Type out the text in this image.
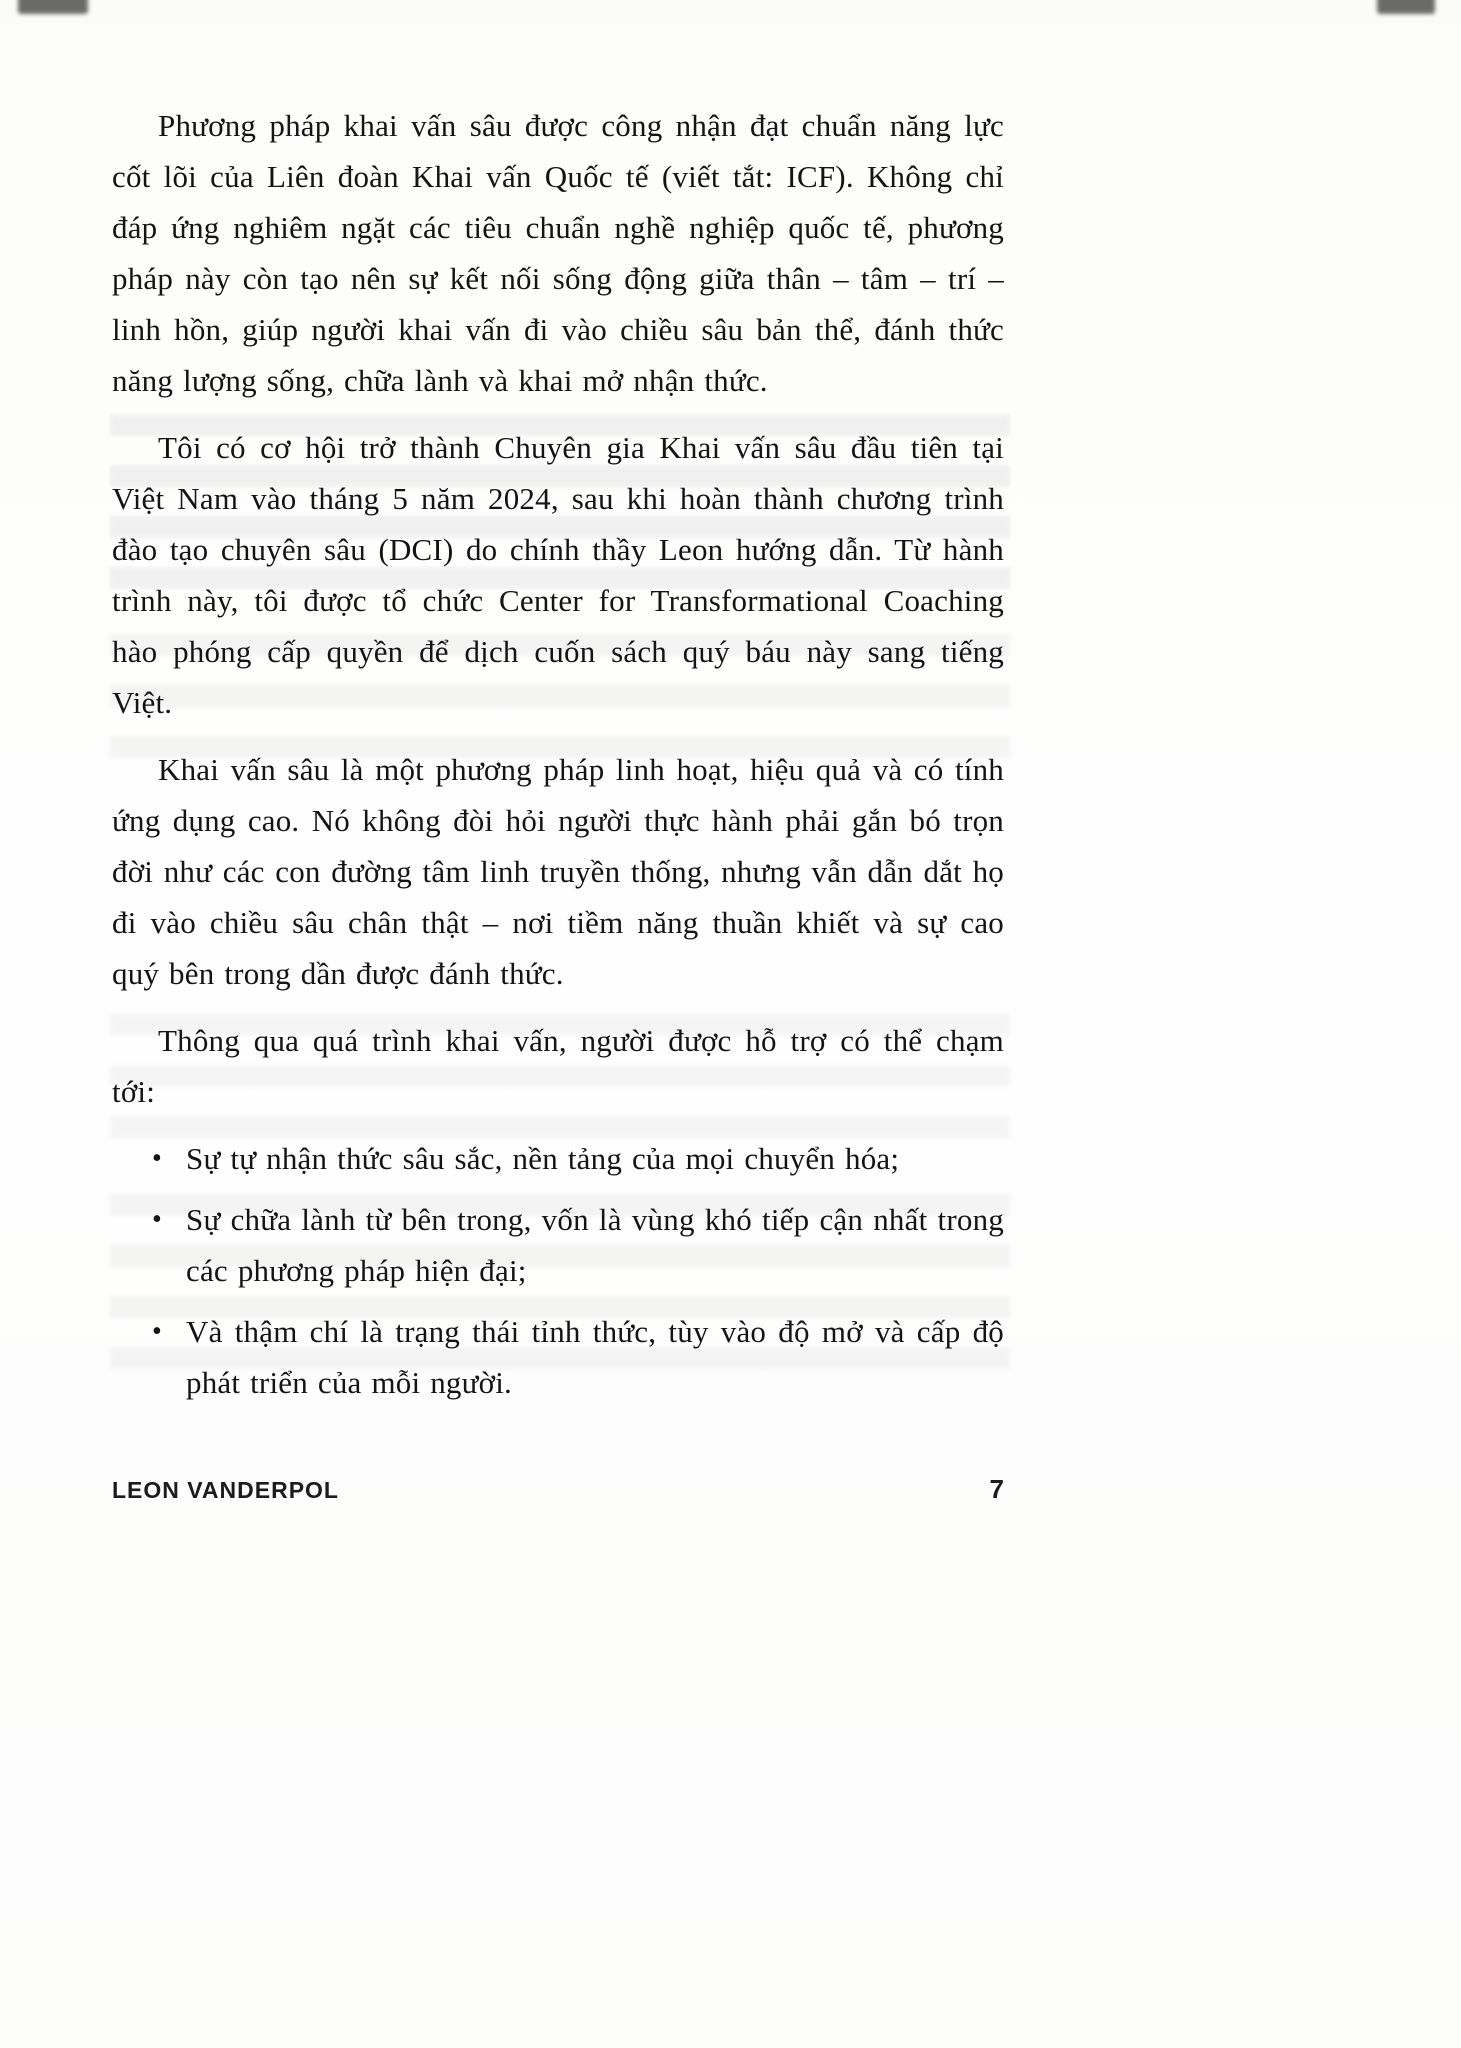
Phương pháp khai vấn sâu được công nhận đạt chuẩn năng lực cốt lõi của Liên đoàn Khai vấn Quốc tế (viết tắt: ICF). Không chỉ đáp ứng nghiêm ngặt các tiêu chuẩn nghề nghiệp quốc tế, phương pháp này còn tạo nên sự kết nối sống động giữa thân – tâm – trí – linh hồn, giúp người khai vấn đi vào chiều sâu bản thể, đánh thức năng lượng sống, chữa lành và khai mở nhận thức.

Tôi có cơ hội trở thành Chuyên gia Khai vấn sâu đầu tiên tại Việt Nam vào tháng 5 năm 2024, sau khi hoàn thành chương trình đào tạo chuyên sâu (DCI) do chính thầy Leon hướng dẫn. Từ hành trình này, tôi được tổ chức Center for Transformational Coaching hào phóng cấp quyền để dịch cuốn sách quý báu này sang tiếng Việt.

Khai vấn sâu là một phương pháp linh hoạt, hiệu quả và có tính ứng dụng cao. Nó không đòi hỏi người thực hành phải gắn bó trọn đời như các con đường tâm linh truyền thống, nhưng vẫn dẫn dắt họ đi vào chiều sâu chân thật – nơi tiềm năng thuần khiết và sự cao quý bên trong dần được đánh thức.

Thông qua quá trình khai vấn, người được hỗ trợ có thể chạm tới:

• Sự tự nhận thức sâu sắc, nền tảng của mọi chuyển hóa;
• Sự chữa lành từ bên trong, vốn là vùng khó tiếp cận nhất trong các phương pháp hiện đại;
• Và thậm chí là trạng thái tỉnh thức, tùy vào độ mở và cấp độ phát triển của mỗi người.
LEON VANDERPOL	7
